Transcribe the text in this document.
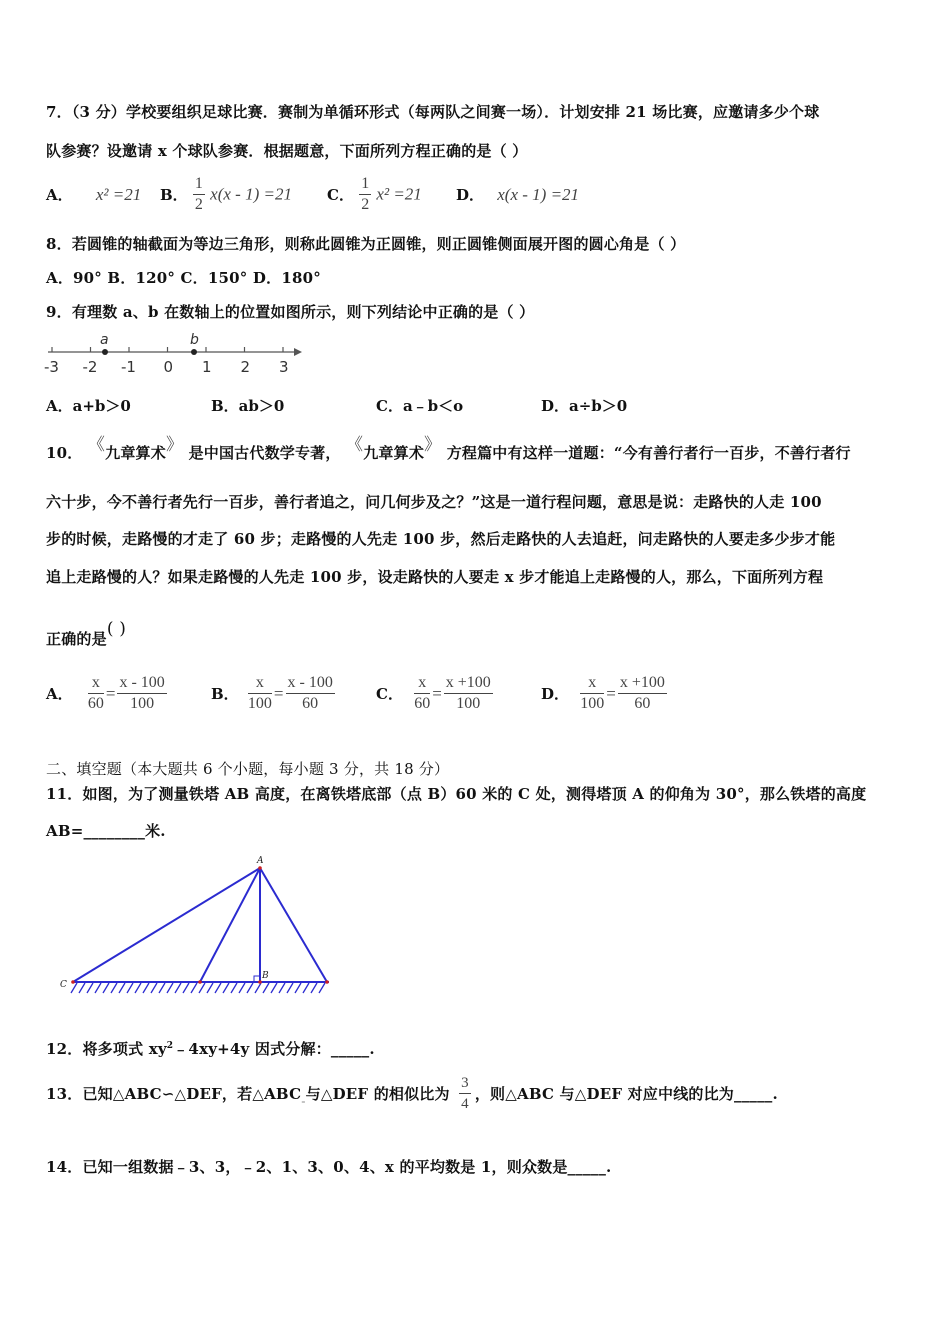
7．（3 分）学校要组织足球比赛．赛制为单循环形式（每两队之间赛一场）．计划安排 21 场比赛，应邀请多少个球
队参赛？设邀请 x 个球队参赛．根据题意，下面所列方程正确的是（ ）
A． x² =21 B． $\frac{1}{2} x(x - 1) =21$ C． $\frac{1}{2} x^2 =21$ D． x(x - 1) =21
8．若圆锥的轴截面为等边三角形，则称此圆锥为正圆锥，则正圆锥侧面展开图的圆心角是（ ）
A．90° B．120° C．150° D．180°
9．有理数 a、b 在数轴上的位置如图所示，则下列结论中正确的是（ ）
-3 -2 -1 0 1 2 3
a	b
A．a+b＞0	B．ab＞0	C．a﹣b＜o	D．a÷b＞0
10． 《九章算术》 是中国古代数学专著， 《九章算术》 方程篇中有这样一道题：“今有善行者行一百步，不善行者行
六十步，今不善行者先行一百步，善行者追之，问几何步及之？”这是一道行程问题，意思是说：走路快的人走 100
步的时候，走路慢的才走了 60 步；走路慢的人先走 100 步，然后走路快的人去追赶，问走路快的人要走多少步才能
追上走路慢的人？如果走路慢的人先走 100 步，设走路快的人要走 x 步才能追上走路慢的人，那么，下面所列方程
正确的是( )
A． $\frac{x}{60} = \frac{x - 100}{100}$	B． $\frac{x}{100} = \frac{x - 100}{60}$	C． $\frac{x}{60} = \frac{x +100}{100}$	D． $\frac{x}{100} = \frac{x +100}{60}$
二、填空题（本大题共 6 个小题，每小题 3 分，共 18 分）
11．如图，为了测量铁塔 AB 高度，在离铁塔底部（点 B）60 米的 C 处，测得塔顶 A 的仰角为 30°，那么铁塔的高度
AB=________米.
A
B
C
12．将多项式 $xy^2﹣4xy+4y$ 因式分解：_____.
13．已知△ABC∽△DEF，若$\triangle ABC_{_=}$与△DEF 的相似比为 $\frac{3}{4}$ ，则△ABC 与△DEF 对应中线的比为_____.
14．已知一组数据﹣3、3，﹣2、1、3、0、4、x 的平均数是 1，则众数是_____.
